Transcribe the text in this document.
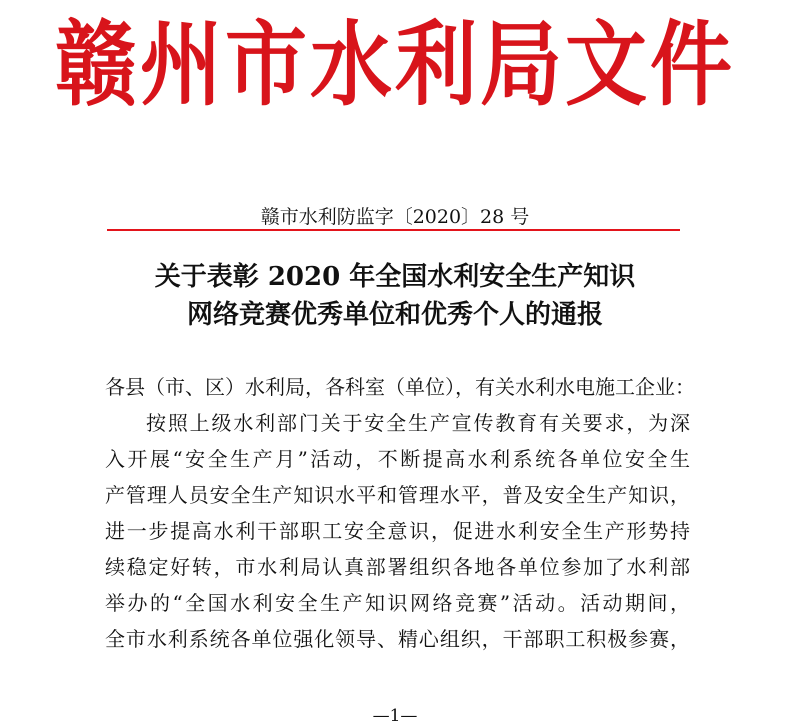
赣州市水利局文件
赣市水利防监字〔2020〕28 号
关于表彰 2020 年全国水利安全生产知识
网络竞赛优秀单位和优秀个人的通报
各县（市、区）水利局，各科室（单位），有关水利水电施工企业：
按照上级水利部门关于安全生产宣传教育有关要求，为深
入开展“安全生产月”活动，不断提高水利系统各单位安全生
产管理人员安全生产知识水平和管理水平，普及安全生产知识，
进一步提高水利干部职工安全意识，促进水利安全生产形势持
续稳定好转，市水利局认真部署组织各地各单位参加了水利部
举办的“全国水利安全生产知识网络竞赛”活动。活动期间，
全市水利系统各单位强化领导、精心组织，干部职工积极参赛，
—1—
